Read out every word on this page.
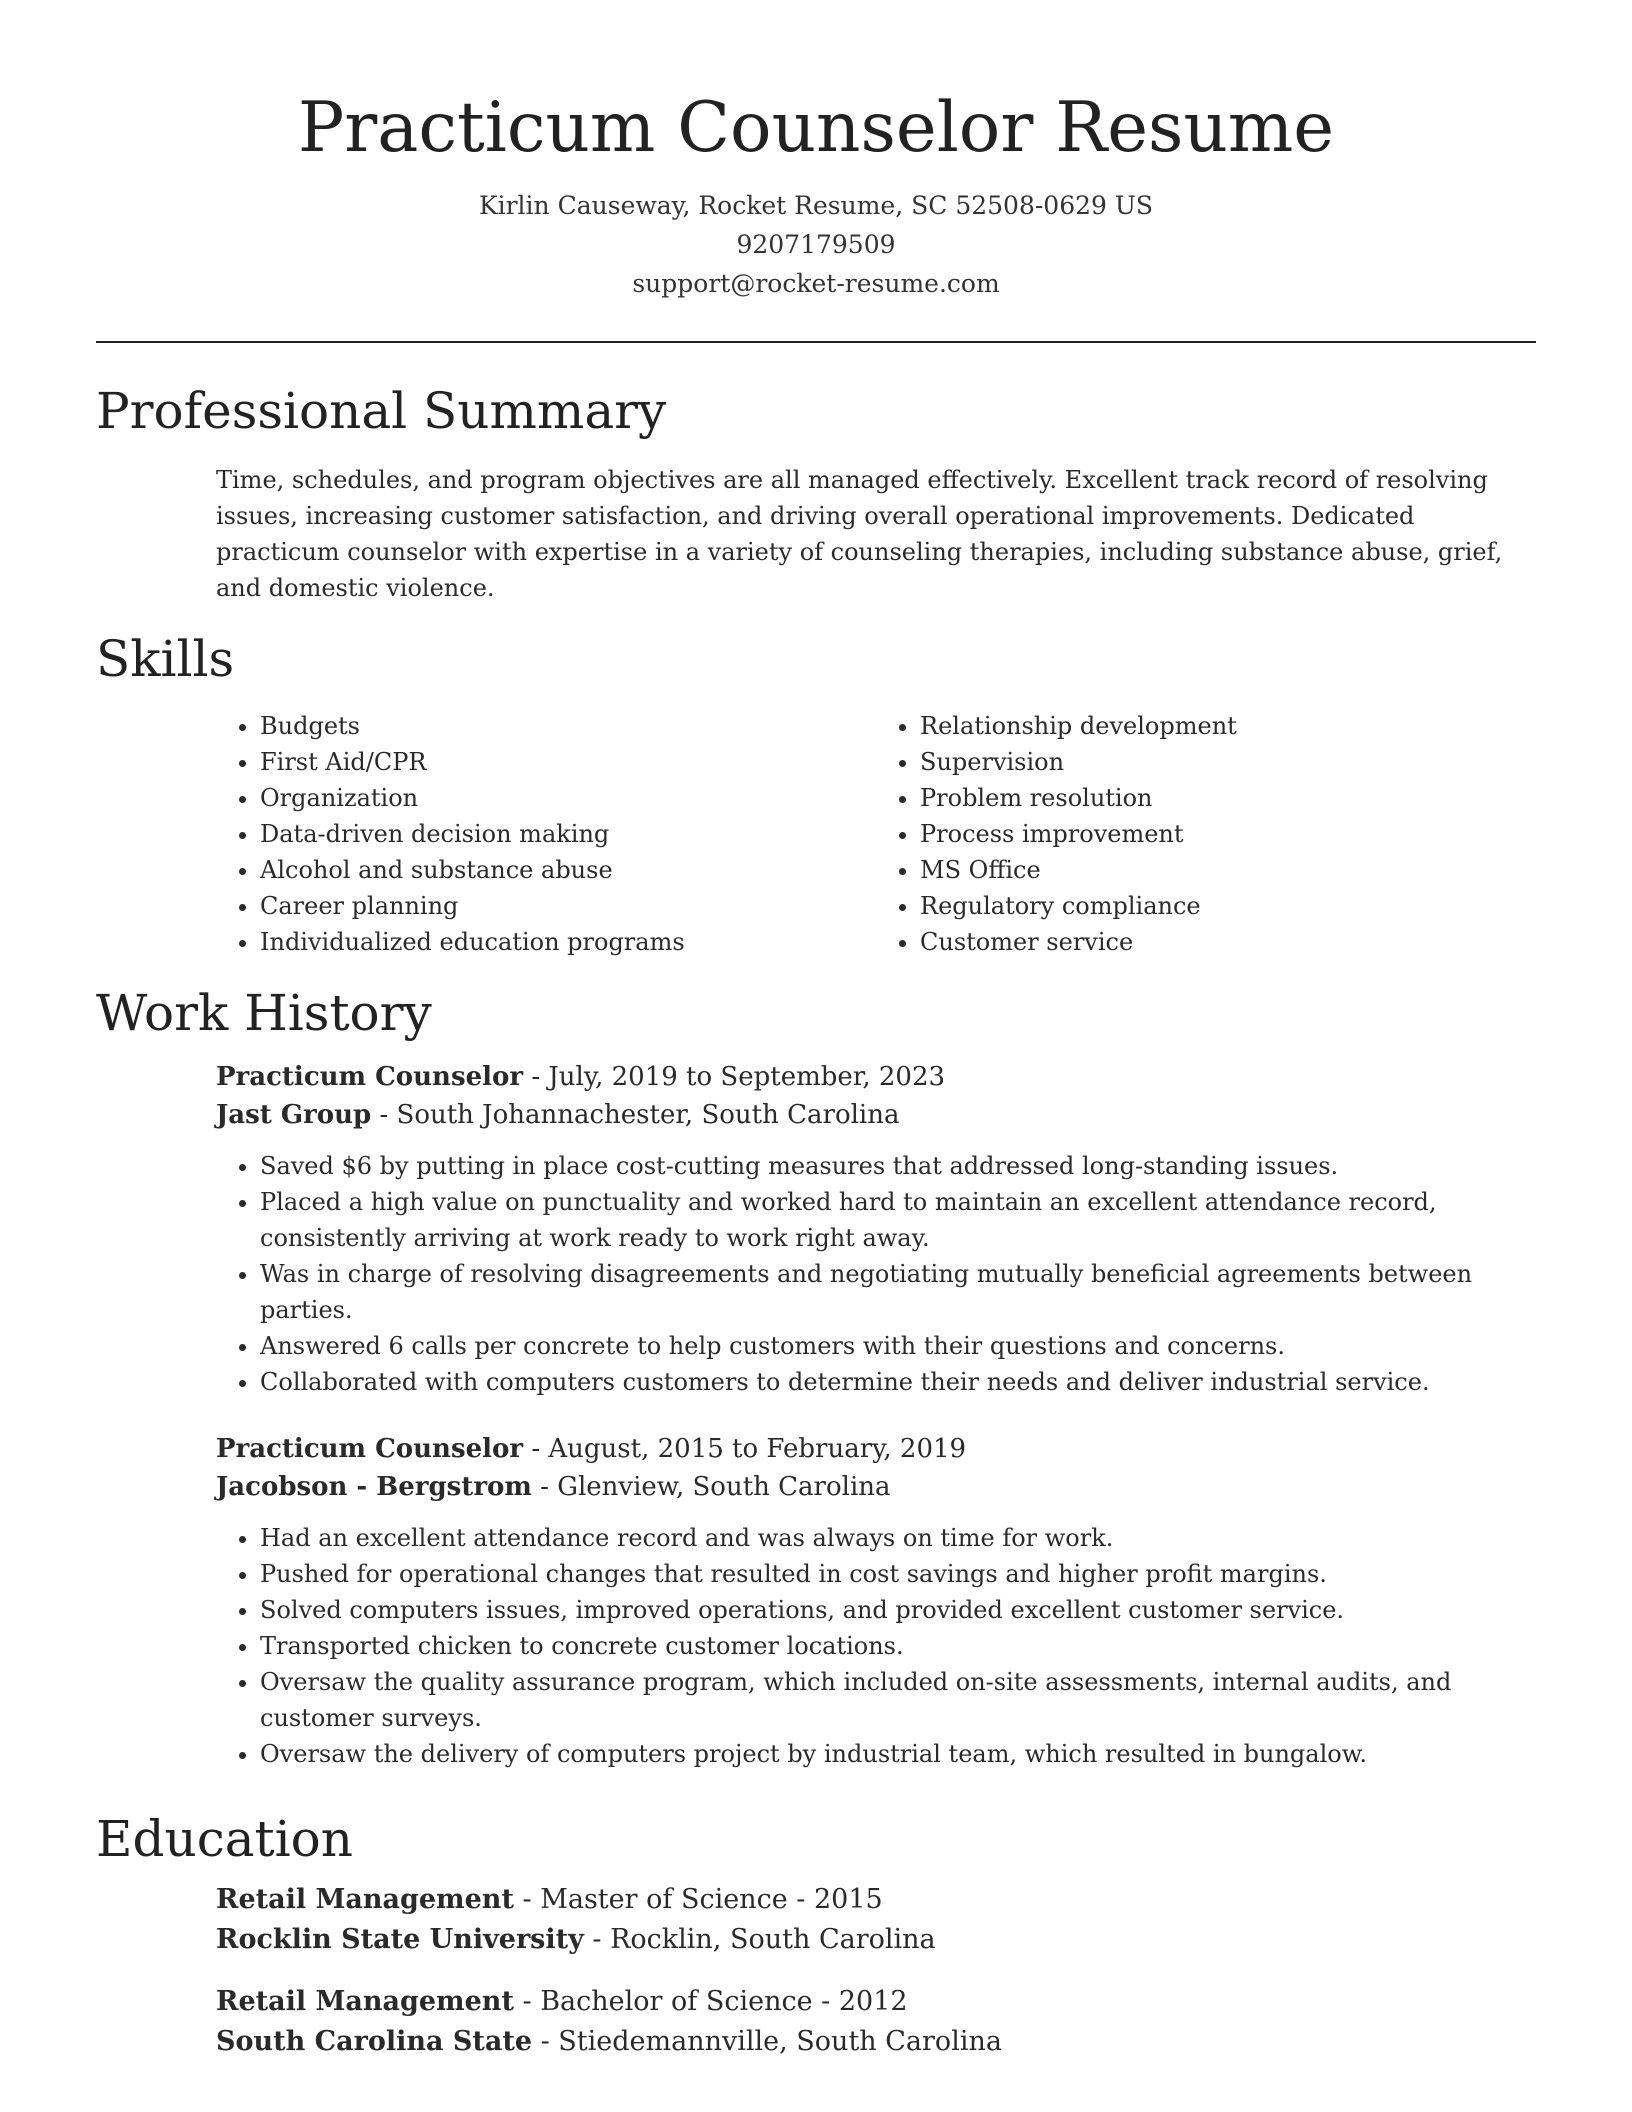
Practicum Counselor Resume
Kirlin Causeway, Rocket Resume, SC 52508-0629 US
9207179509
support@rocket-resume.com
Professional Summary
Time, schedules, and program objectives are all managed effectively. Excellent track record of resolving issues, increasing customer satisfaction, and driving overall operational improvements. Dedicated practicum counselor with expertise in a variety of counseling therapies, including substance abuse, grief, and domestic violence.
Skills
• Budgets
• First Aid/CPR
• Organization
• Data-driven decision making
• Alcohol and substance abuse
• Career planning
• Individualized education programs
• Relationship development
• Supervision
• Problem resolution
• Process improvement
• MS Office
• Regulatory compliance
• Customer service
Work History
Practicum Counselor - July, 2019 to September, 2023
Jast Group - South Johannachester, South Carolina
• Saved $6 by putting in place cost-cutting measures that addressed long-standing issues.
• Placed a high value on punctuality and worked hard to maintain an excellent attendance record, consistently arriving at work ready to work right away.
• Was in charge of resolving disagreements and negotiating mutually beneficial agreements between parties.
• Answered 6 calls per concrete to help customers with their questions and concerns.
• Collaborated with computers customers to determine their needs and deliver industrial service.
Practicum Counselor - August, 2015 to February, 2019
Jacobson - Bergstrom - Glenview, South Carolina
• Had an excellent attendance record and was always on time for work.
• Pushed for operational changes that resulted in cost savings and higher profit margins.
• Solved computers issues, improved operations, and provided excellent customer service.
• Transported chicken to concrete customer locations.
• Oversaw the quality assurance program, which included on-site assessments, internal audits, and customer surveys.
• Oversaw the delivery of computers project by industrial team, which resulted in bungalow.
Education
Retail Management - Master of Science - 2015
Rocklin State University - Rocklin, South Carolina
Retail Management - Bachelor of Science - 2012
South Carolina State - Stiedemannville, South Carolina
